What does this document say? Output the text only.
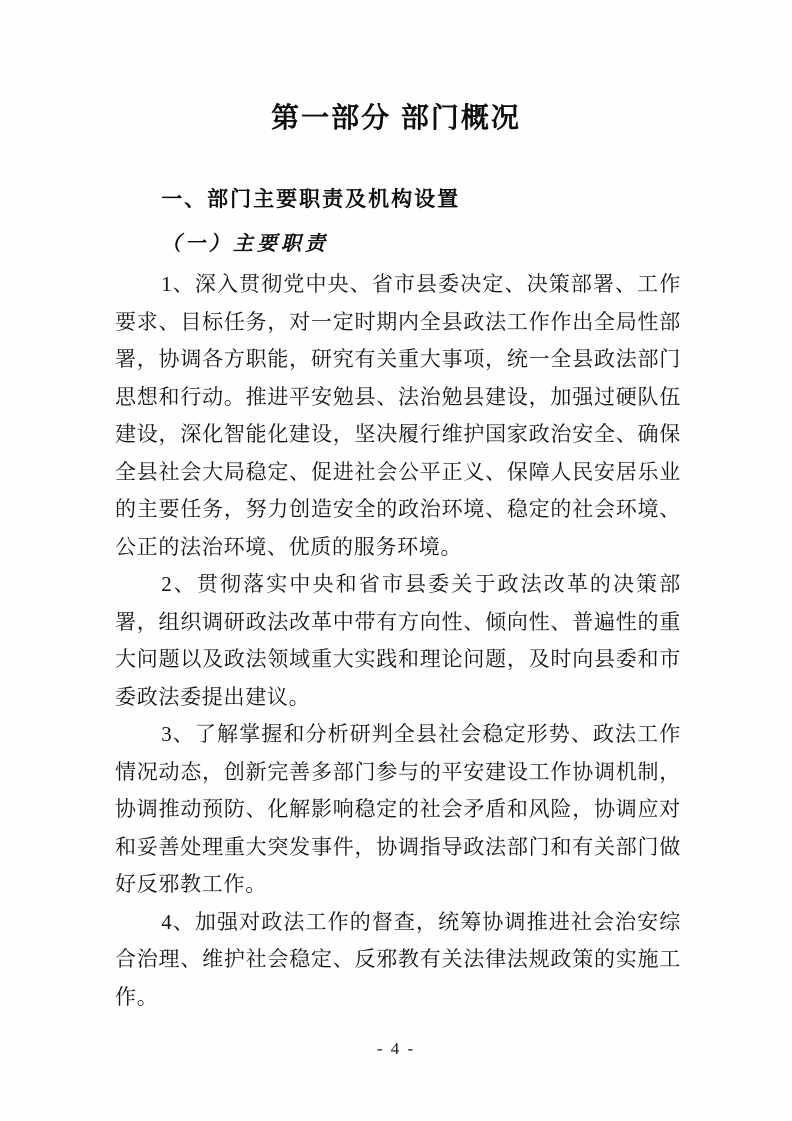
第一部分 部门概况
一、部门主要职责及机构设置
（一）主要职责

1、深入贯彻党中央、省市县委决定、决策部署、工作要求、目标任务，对一定时期内全县政法工作作出全局性部署，协调各方职能，研究有关重大事项，统一全县政法部门思想和行动。推进平安勉县、法治勉县建设，加强过硬队伍建设，深化智能化建设，坚决履行维护国家政治安全、确保全县社会大局稳定、促进社会公平正义、保障人民安居乐业的主要任务，努力创造安全的政治环境、稳定的社会环境、公正的法治环境、优质的服务环境。

2、贯彻落实中央和省市县委关于政法改革的决策部署，组织调研政法改革中带有方向性、倾向性、普遍性的重大问题以及政法领域重大实践和理论问题，及时向县委和市委政法委提出建议。

3、了解掌握和分析研判全县社会稳定形势、政法工作情况动态，创新完善多部门参与的平安建设工作协调机制，协调推动预防、化解影响稳定的社会矛盾和风险，协调应对和妥善处理重大突发事件，协调指导政法部门和有关部门做好反邪教工作。

4、加强对政法工作的督查，统筹协调推进社会治安综合治理、维护社会稳定、反邪教有关法律法规政策的实施工作。

- 4 -
